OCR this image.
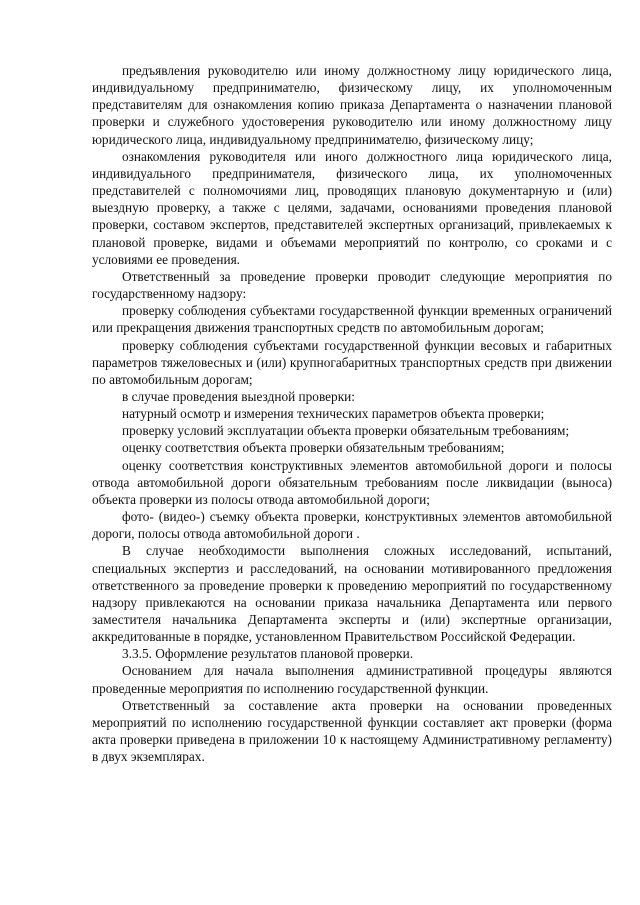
предъявления руководителю или иному должностному лицу юридического лица, индивидуальному предпринимателю, физическому лицу, их уполномоченным представителям для ознакомления копию приказа Департамента о назначении плановой проверки и служебного удостоверения руководителю или иному должностному лицу юридического лица, индивидуальному предпринимателю, физическому лицу;

ознакомления руководителя или иного должностного лица юридического лица, индивидуального предпринимателя, физического лица, их уполномоченных представителей с полномочиями лиц, проводящих плановую документарную и (или) выездную проверку, а также с целями, задачами, основаниями проведения плановой проверки, составом экспертов, представителей экспертных организаций, привлекаемых к плановой проверке, видами и объемами мероприятий по контролю, со сроками и с условиями ее проведения.

Ответственный за проведение проверки проводит следующие мероприятия по государственному надзору:

проверку соблюдения субъектами государственной функции временных ограничений или прекращения движения транспортных средств по автомобильным дорогам;

проверку соблюдения субъектами государственной функции весовых и габаритных параметров тяжеловесных и (или) крупногабаритных транспортных средств при движении по автомобильным дорогам;

в случае проведения выездной проверки:

натурный осмотр и измерения технических параметров объекта проверки;

проверку условий эксплуатации объекта проверки обязательным требованиям;

оценку соответствия объекта проверки обязательным требованиям;

оценку соответствия конструктивных элементов автомобильной дороги и полосы отвода автомобильной дороги обязательным требованиям после ликвидации (выноса) объекта проверки из полосы отвода автомобильной дороги;

фото- (видео-) съемку объекта проверки, конструктивных элементов автомобильной дороги, полосы отвода автомобильной дороги .

В случае необходимости выполнения сложных исследований, испытаний, специальных экспертиз и расследований, на основании мотивированного предложения ответственного за проведение проверки к проведению мероприятий по государственному надзору привлекаются на основании приказа начальника Департамента или первого заместителя начальника Департамента эксперты и (или) экспертные организации, аккредитованные в порядке, установленном Правительством Российской Федерации.

3.3.5. Оформление результатов плановой проверки.

Основанием для начала выполнения административной процедуры являются проведенные мероприятия по исполнению государственной функции.

Ответственный за составление акта проверки на основании проведенных мероприятий по исполнению государственной функции составляет акт проверки (форма акта проверки приведена в приложении 10 к настоящему Административному регламенту) в двух экземплярах.
